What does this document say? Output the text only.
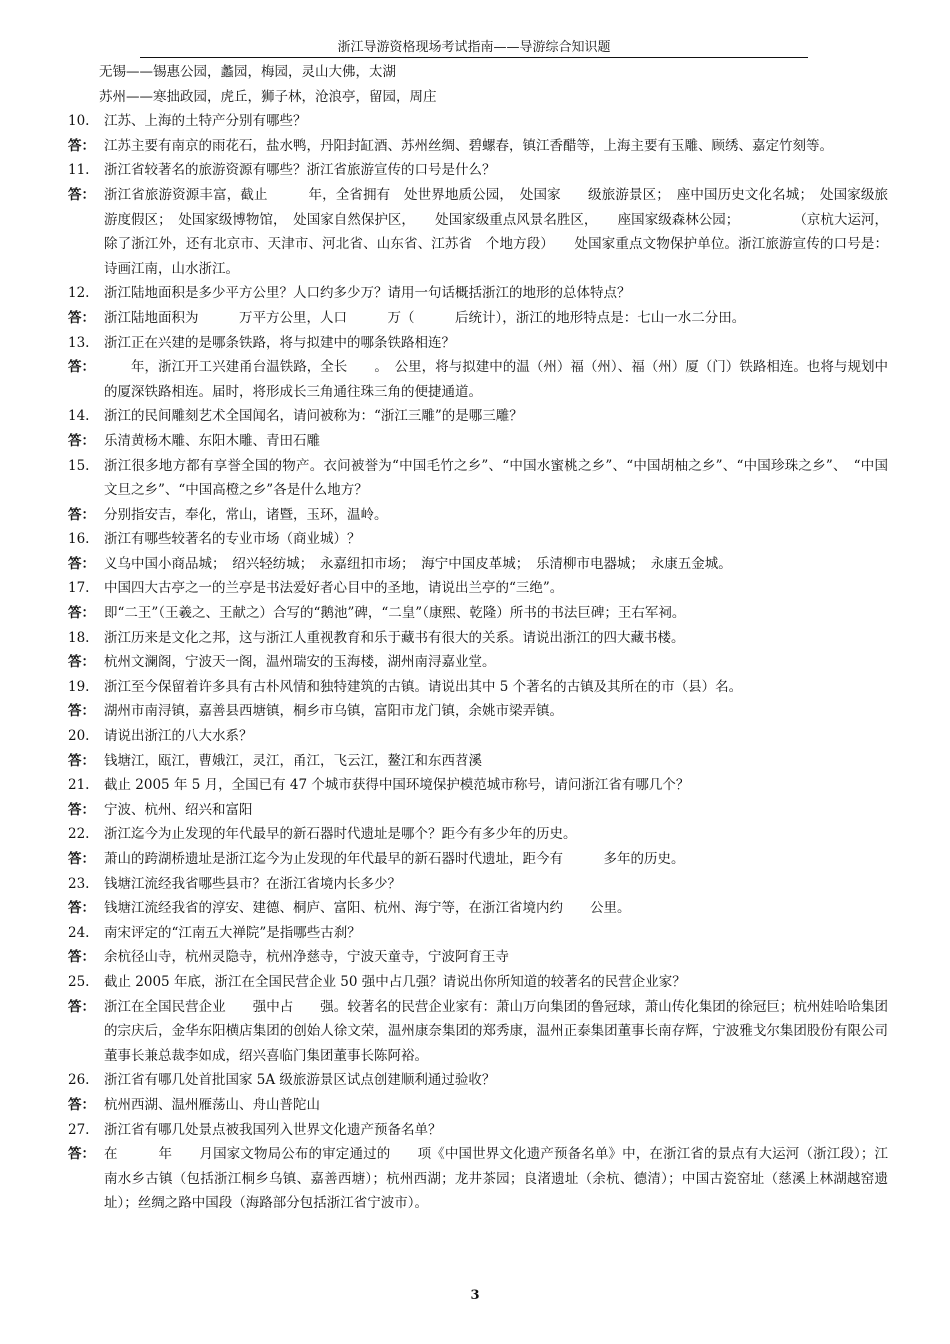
浙江导游资格现场考试指南——导游综合知识题
无锡——锡惠公园，蠡园，梅园，灵山大佛，太湖
苏州——寒拙政园，虎丘，狮子林，沧浪亭，留园，周庄
10.	江苏、上海的土特产分别有哪些？
答： 江苏主要有南京的雨花石，盐水鸭，丹阳封缸酒、苏州丝绸、碧螺春，镇江香醋等，上海主要有玉雕、顾绣、嘉定竹刻等。
11.	浙江省较著名的旅游资源有哪些？浙江省旅游宣传的口号是什么？
答： 浙江省旅游资源丰富，截止　　　年，全省拥有　处世界地质公园，　处国家　　级旅游景区；　座中国历史文化名城；　处国家级旅游度假区；　处国家级博物馆，　处国家自然保护区，　　处国家级重点风景名胜区，　　座国家级森林公园；　　　　　（京杭大运河，除了浙江外，还有北京市、天津市、河北省、山东省、江苏省　个地方段）　　处国家重点文物保护单位。浙江旅游宣传的口号是：诗画江南，山水浙江。
12.	浙江陆地面积是多少平方公里？人口约多少万？请用一句话概括浙江的地形的总体特点？
答： 浙江陆地面积为　　　万平方公里，人口　　　万（　　　后统计），浙江的地形特点是：七山一水二分田。
13.	浙江正在兴建的是哪条铁路，将与拟建中的哪条铁路相连？
答： 　　年，浙江开工兴建甬台温铁路，全长　　。　公里，将与拟建中的温（州）福（州）、福（州）厦（门）铁路相连。也将与规划中的厦深铁路相连。届时，将形成长三角通往珠三角的便捷通道。
14.	浙江的民间雕刻艺术全国闻名，请问被称为：“浙江三雕”的是哪三雕？
答： 乐清黄杨木雕、东阳木雕、青田石雕
15.	浙江很多地方都有享誉全国的物产。衣问被誉为“中国毛竹之乡”、“中国水蜜桃之乡”、“中国胡柚之乡”、“中国珍珠之乡”、　“中国文旦之乡”、“中国高橙之乡”各是什么地方？
答： 分别指安吉，奉化，常山，诸暨，玉环，温岭。
16.	浙江有哪些较著名的专业市场（商业城）？
答： 义乌中国小商品城；　绍兴轻纺城；　永嘉纽扣市场；　海宁中国皮革城；　乐清柳市电器城；　永康五金城。
17.	中国四大古亭之一的兰亭是书法爱好者心目中的圣地，请说出兰亭的“三绝”。
答： 即“二王”（王羲之、王献之）合写的“鹅池”碑，“二皇”（康熙、乾隆）所书的书法巨碑；王右军祠。
18.	浙江历来是文化之邦，这与浙江人重视教育和乐于藏书有很大的关系。请说出浙江的四大藏书楼。
答： 杭州文澜阁，宁波天一阁，温州瑞安的玉海楼，湖州南浔嘉业堂。
19.	浙江至今保留着许多具有古朴风情和独特建筑的古镇。请说出其中 5 个著名的古镇及其所在的市（县）名。
答： 湖州市南浔镇，嘉善县西塘镇，桐乡市乌镇，富阳市龙门镇，余姚市梁弄镇。
20.	请说出浙江的八大水系？
答： 钱塘江，瓯江，曹娥江，灵江，甬江，飞云江，鳌江和东西苕溪
21.	截止 2005 年 5 月，全国已有 47 个城市获得中国环境保护模范城市称号，请问浙江省有哪几个？
答： 宁波、杭州、绍兴和富阳
22.	浙江迄今为止发现的年代最早的新石器时代遗址是哪个？距今有多少年的历史。
答： 萧山的跨湖桥遗址是浙江迄今为止发现的年代最早的新石器时代遗址，距今有　　　多年的历史。
23.	钱塘江流经我省哪些县市？在浙江省境内长多少？
答： 钱塘江流经我省的淳安、建德、桐庐、富阳、杭州、海宁等，在浙江省境内约　　公里。
24.	南宋评定的“江南五大禅院”是指哪些古刹？
答： 余杭径山寺，杭州灵隐寺，杭州净慈寺，宁波天童寺，宁波阿育王寺
25.	截止 2005 年底，浙江在全国民营企业 50 强中占几强？请说出你所知道的较著名的民营企业家？
答： 浙江在全国民营企业　　强中占　　强。较著名的民营企业家有：萧山万向集团的鲁冠球，萧山传化集团的徐冠巨；杭州娃哈哈集团的宗庆后，金华东阳横店集团的创始人徐文荣，温州康奈集团的郑秀康，温州正泰集团董事长南存辉，宁波雅戈尔集团股份有限公司董事长兼总裁李如成，绍兴喜临门集团董事长陈阿裕。
26.	浙江省有哪几处首批国家 5A 级旅游景区试点创建顺利通过验收？
答： 杭州西湖、温州雁荡山、舟山普陀山
27.	浙江省有哪几处景点被我国列入世界文化遗产预备名单？
答： 在　　　年　　月国家文物局公布的审定通过的　　项《中国世界文化遗产预备名单》中，在浙江省的景点有大运河（浙江段）；江南水乡古镇（包括浙江桐乡乌镇、嘉善西塘）；杭州西湖；龙井茶园；良渚遗址（余杭、德清）；中国古瓷窑址（慈溪上林湖越窑遗址）；丝绸之路中国段（海路部分包括浙江省宁波市）。
3
